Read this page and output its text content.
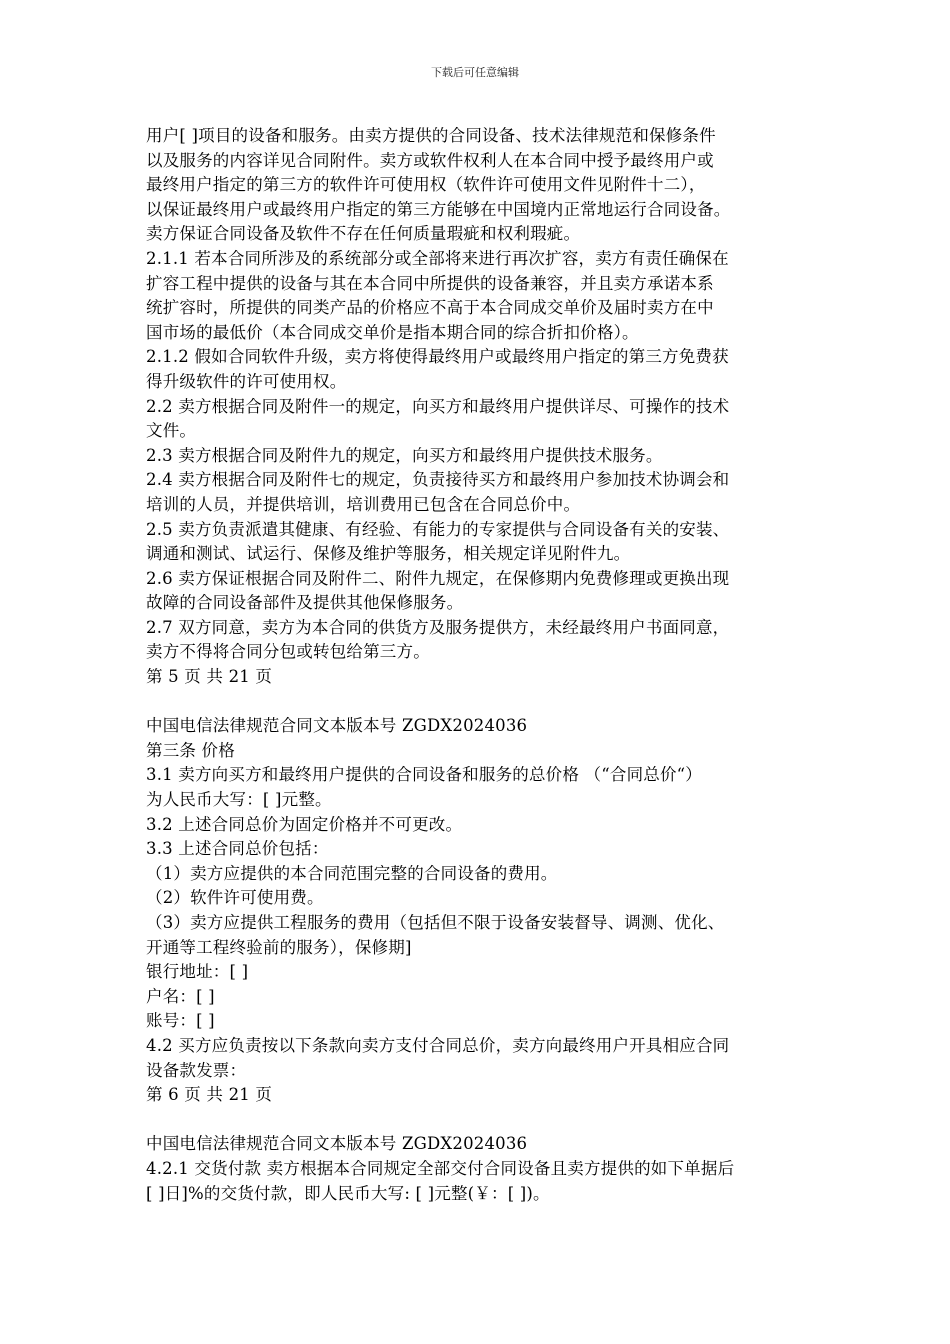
下载后可任意编辑
用户[ ]项目的设备和服务。由卖方提供的合同设备、技术法律规范和保修条件
以及服务的内容详见合同附件。卖方或软件权利人在本合同中授予最终用户或
最终用户指定的第三方的软件许可使用权（软件许可使用文件见附件十二），
以保证最终用户或最终用户指定的第三方能够在中国境内正常地运行合同设备。
卖方保证合同设备及软件不存在任何质量瑕疵和权利瑕疵。
2.1.1 若本合同所涉及的系统部分或全部将来进行再次扩容，卖方有责任确保在
扩容工程中提供的设备与其在本合同中所提供的设备兼容，并且卖方承诺本系
统扩容时，所提供的同类产品的价格应不高于本合同成交单价及届时卖方在中
国市场的最低价（本合同成交单价是指本期合同的综合折扣价格）。
2.1.2 假如合同软件升级，卖方将使得最终用户或最终用户指定的第三方免费获
得升级软件的许可使用权。
2.2 卖方根据合同及附件一的规定，向买方和最终用户提供详尽、可操作的技术
文件。
2.3 卖方根据合同及附件九的规定，向买方和最终用户提供技术服务。
2.4 卖方根据合同及附件七的规定，负责接待买方和最终用户参加技术协调会和
培训的人员，并提供培训，培训费用已包含在合同总价中。
2.5 卖方负责派遣其健康、有经验、有能力的专家提供与合同设备有关的安装、
调通和测试、试运行、保修及维护等服务，相关规定详见附件九。
2.6 卖方保证根据合同及附件二、附件九规定，在保修期内免费修理或更换出现
故障的合同设备部件及提供其他保修服务。
2.7 双方同意，卖方为本合同的供货方及服务提供方，未经最终用户书面同意，
卖方不得将合同分包或转包给第三方。
第 5 页 共 21 页
中国电信法律规范合同文本版本号 ZGDX2024036
第三条 价格
3.1 卖方向买方和最终用户提供的合同设备和服务的总价格 （“合同总价“）
为人民币大写：[ ]元整。
3.2 上述合同总价为固定价格并不可更改。
3.3 上述合同总价包括：
（1）卖方应提供的本合同范围完整的合同设备的费用。
（2）软件许可使用费。
（3）卖方应提供工程服务的费用（包括但不限于设备安装督导、调测、优化、
开通等工程终验前的服务），保修期]
银行地址：[ ]
户名：[ ]
账号：[ ]
4.2 买方应负责按以下条款向卖方支付合同总价，卖方向最终用户开具相应合同
设备款发票：
第 6 页 共 21 页
中国电信法律规范合同文本版本号 ZGDX2024036
4.2.1 交货付款 卖方根据本合同规定全部交付合同设备且卖方提供的如下单据后
[ ]日]%的交货付款，即人民币大写: [ ]元整(￥：[ ])。
